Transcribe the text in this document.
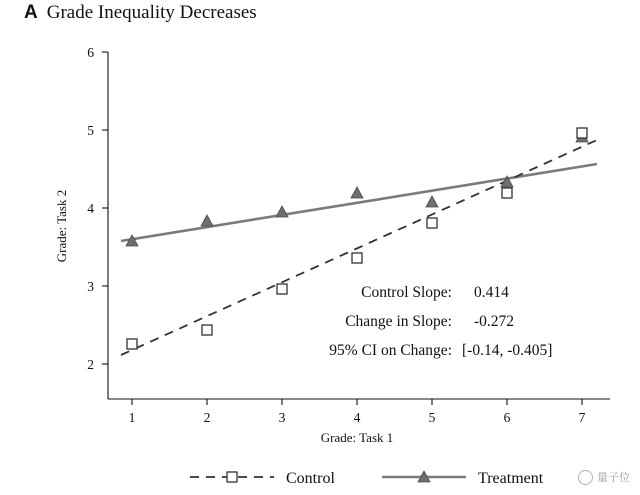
A Grade Inequality Decreases
6
5
4
3
2
1	2	3	4	5	6	7
Grade: Task 1
Grade: Task 2
Control Slope: 0.414
Change in Slope: -0.272
95% CI on Change: [-0.14, -0.405]
Control	Treatment	量子位
